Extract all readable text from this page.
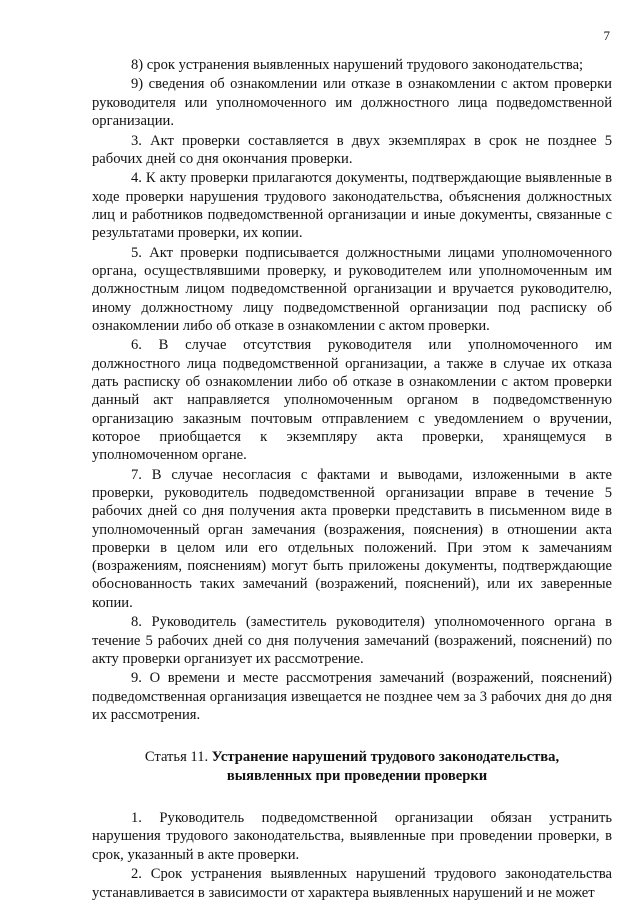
7

8) срок устранения выявленных нарушений трудового законодательства;

9) сведения об ознакомлении или отказе в ознакомлении с актом проверки руководителя или уполномоченного им должностного лица подведомственной организации.

3. Акт проверки составляется в двух экземплярах в срок не позднее 5 рабочих дней со дня окончания проверки.

4. К акту проверки прилагаются документы, подтверждающие выявленные в ходе проверки нарушения трудового законодательства, объяснения должностных лиц и работников подведомственной организации и иные документы, связанные с результатами проверки, их копии.

5. Акт проверки подписывается должностными лицами уполномоченного органа, осуществлявшими проверку, и руководителем или уполномоченным им должностным лицом подведомственной организации и вручается руководителю, иному должностному лицу подведомственной организации под расписку об ознакомлении либо об отказе в ознакомлении с актом проверки.

6. В случае отсутствия руководителя или уполномоченного им должностного лица подведомственной организации, а также в случае их отказа дать расписку об ознакомлении либо об отказе в ознакомлении с актом проверки данный акт направляется уполномоченным органом в подведомственную организацию заказным почтовым отправлением с уведомлением о вручении, которое приобщается к экземпляру акта проверки, хранящемуся в уполномоченном органе.

7. В случае несогласия с фактами и выводами, изложенными в акте проверки, руководитель подведомственной организации вправе в течение 5 рабочих дней со дня получения акта проверки представить в письменном виде в уполномоченный орган замечания (возражения, пояснения) в отношении акта проверки в целом или его отдельных положений. При этом к замечаниям (возражениям, пояснениям) могут быть приложены документы, подтверждающие обоснованность таких замечаний (возражений, пояснений), или их заверенные копии.

8. Руководитель (заместитель руководителя) уполномоченного органа в течение 5 рабочих дней со дня получения замечаний (возражений, пояснений) по акту проверки организует их рассмотрение.

9. О времени и месте рассмотрения замечаний (возражений, пояснений) подведомственная организация извещается не позднее чем за 3 рабочих дня до дня их рассмотрения.

Статья 11. Устранение нарушений трудового законодательства,
выявленных при проведении проверки

1. Руководитель подведомственной организации обязан устранить нарушения трудового законодательства, выявленные при проведении проверки, в срок, указанный в акте проверки.

2. Срок устранения выявленных нарушений трудового законодательства устанавливается в зависимости от характера выявленных нарушений и не может
